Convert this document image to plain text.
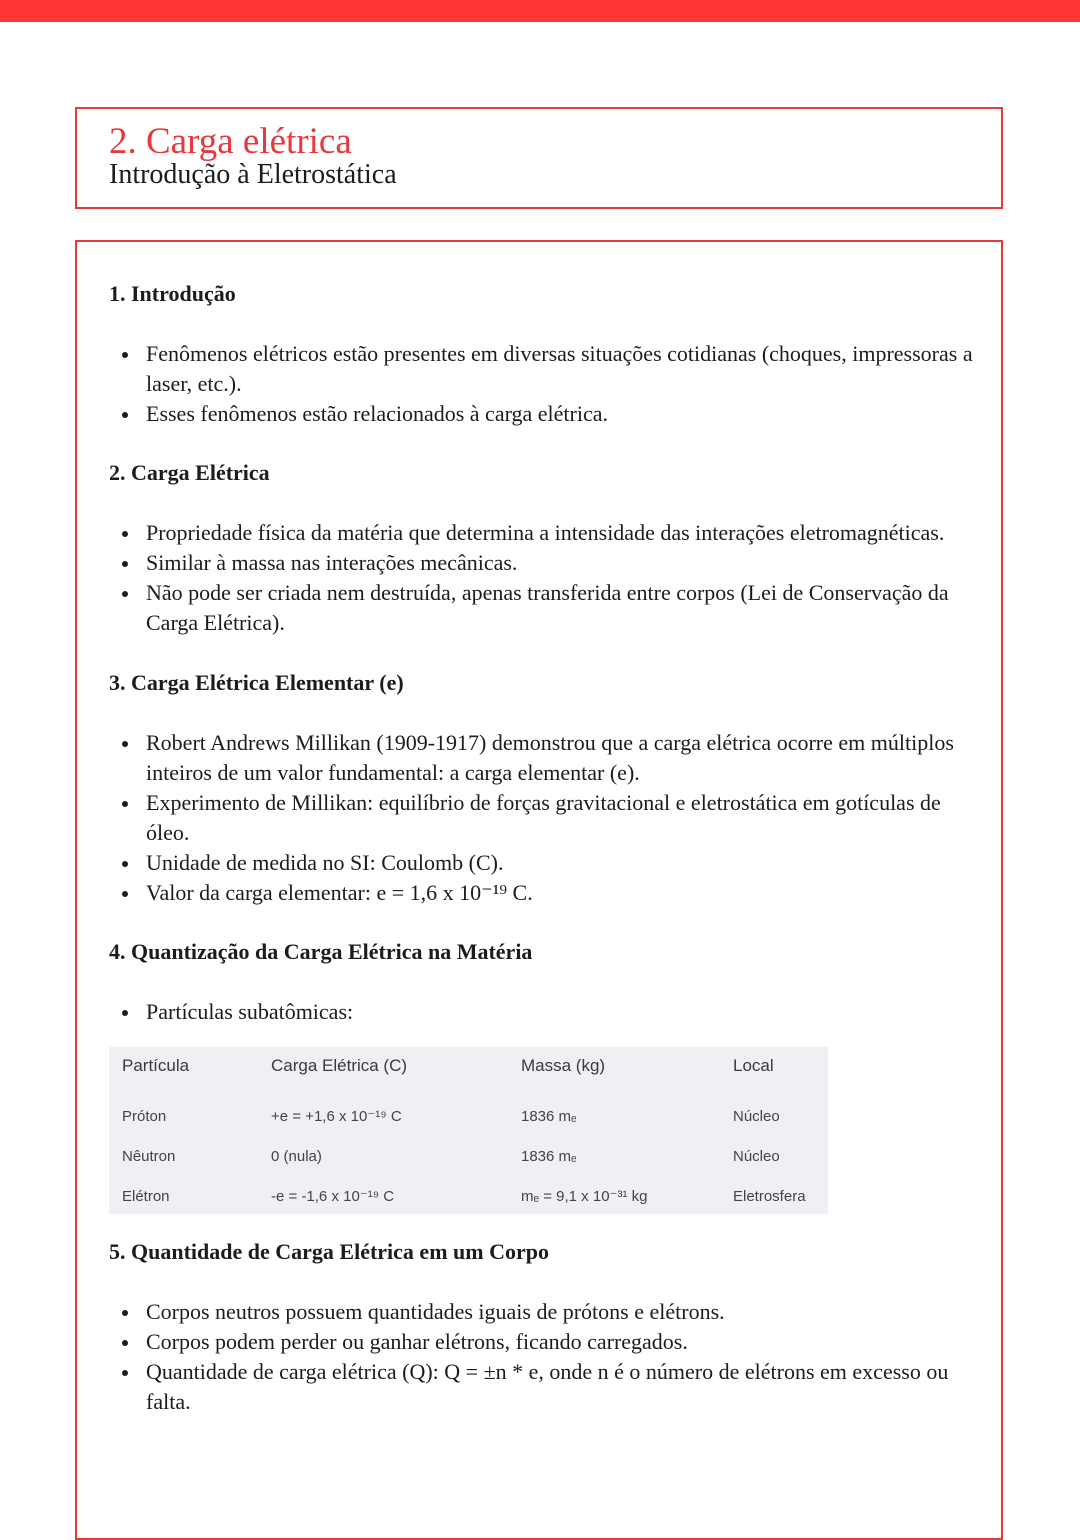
2. Carga elétrica
Introdução à Eletrostática
1. Introdução
Fenômenos elétricos estão presentes em diversas situações cotidianas (choques, impressoras a laser, etc.).
Esses fenômenos estão relacionados à carga elétrica.
2. Carga Elétrica
Propriedade física da matéria que determina a intensidade das interações eletromagnéticas.
Similar à massa nas interações mecânicas.
Não pode ser criada nem destruída, apenas transferida entre corpos (Lei de Conservação da Carga Elétrica).
3. Carga Elétrica Elementar (e)
Robert Andrews Millikan (1909-1917) demonstrou que a carga elétrica ocorre em múltiplos inteiros de um valor fundamental: a carga elementar (e).
Experimento de Millikan: equilíbrio de forças gravitacional e eletrostática em gotículas de óleo.
Unidade de medida no SI: Coulomb (C).
Valor da carga elementar: e = 1,6 x 10⁻¹⁹ C.
4. Quantização da Carga Elétrica na Matéria
Partículas subatômicas:
Partícula	Carga Elétrica (C)	Massa (kg)	Local
Próton	+e = +1,6 x 10⁻¹⁹ C	1836 mₑ	Núcleo
Nêutron	0 (nula)	1836 mₑ	Núcleo
Elétron	-e = -1,6 x 10⁻¹⁹ C	mₑ = 9,1 x 10⁻³¹ kg	Eletrosfera
5. Quantidade de Carga Elétrica em um Corpo
Corpos neutros possuem quantidades iguais de prótons e elétrons.
Corpos podem perder ou ganhar elétrons, ficando carregados.
Quantidade de carga elétrica (Q): Q = ±n * e, onde n é o número de elétrons em excesso ou falta.
